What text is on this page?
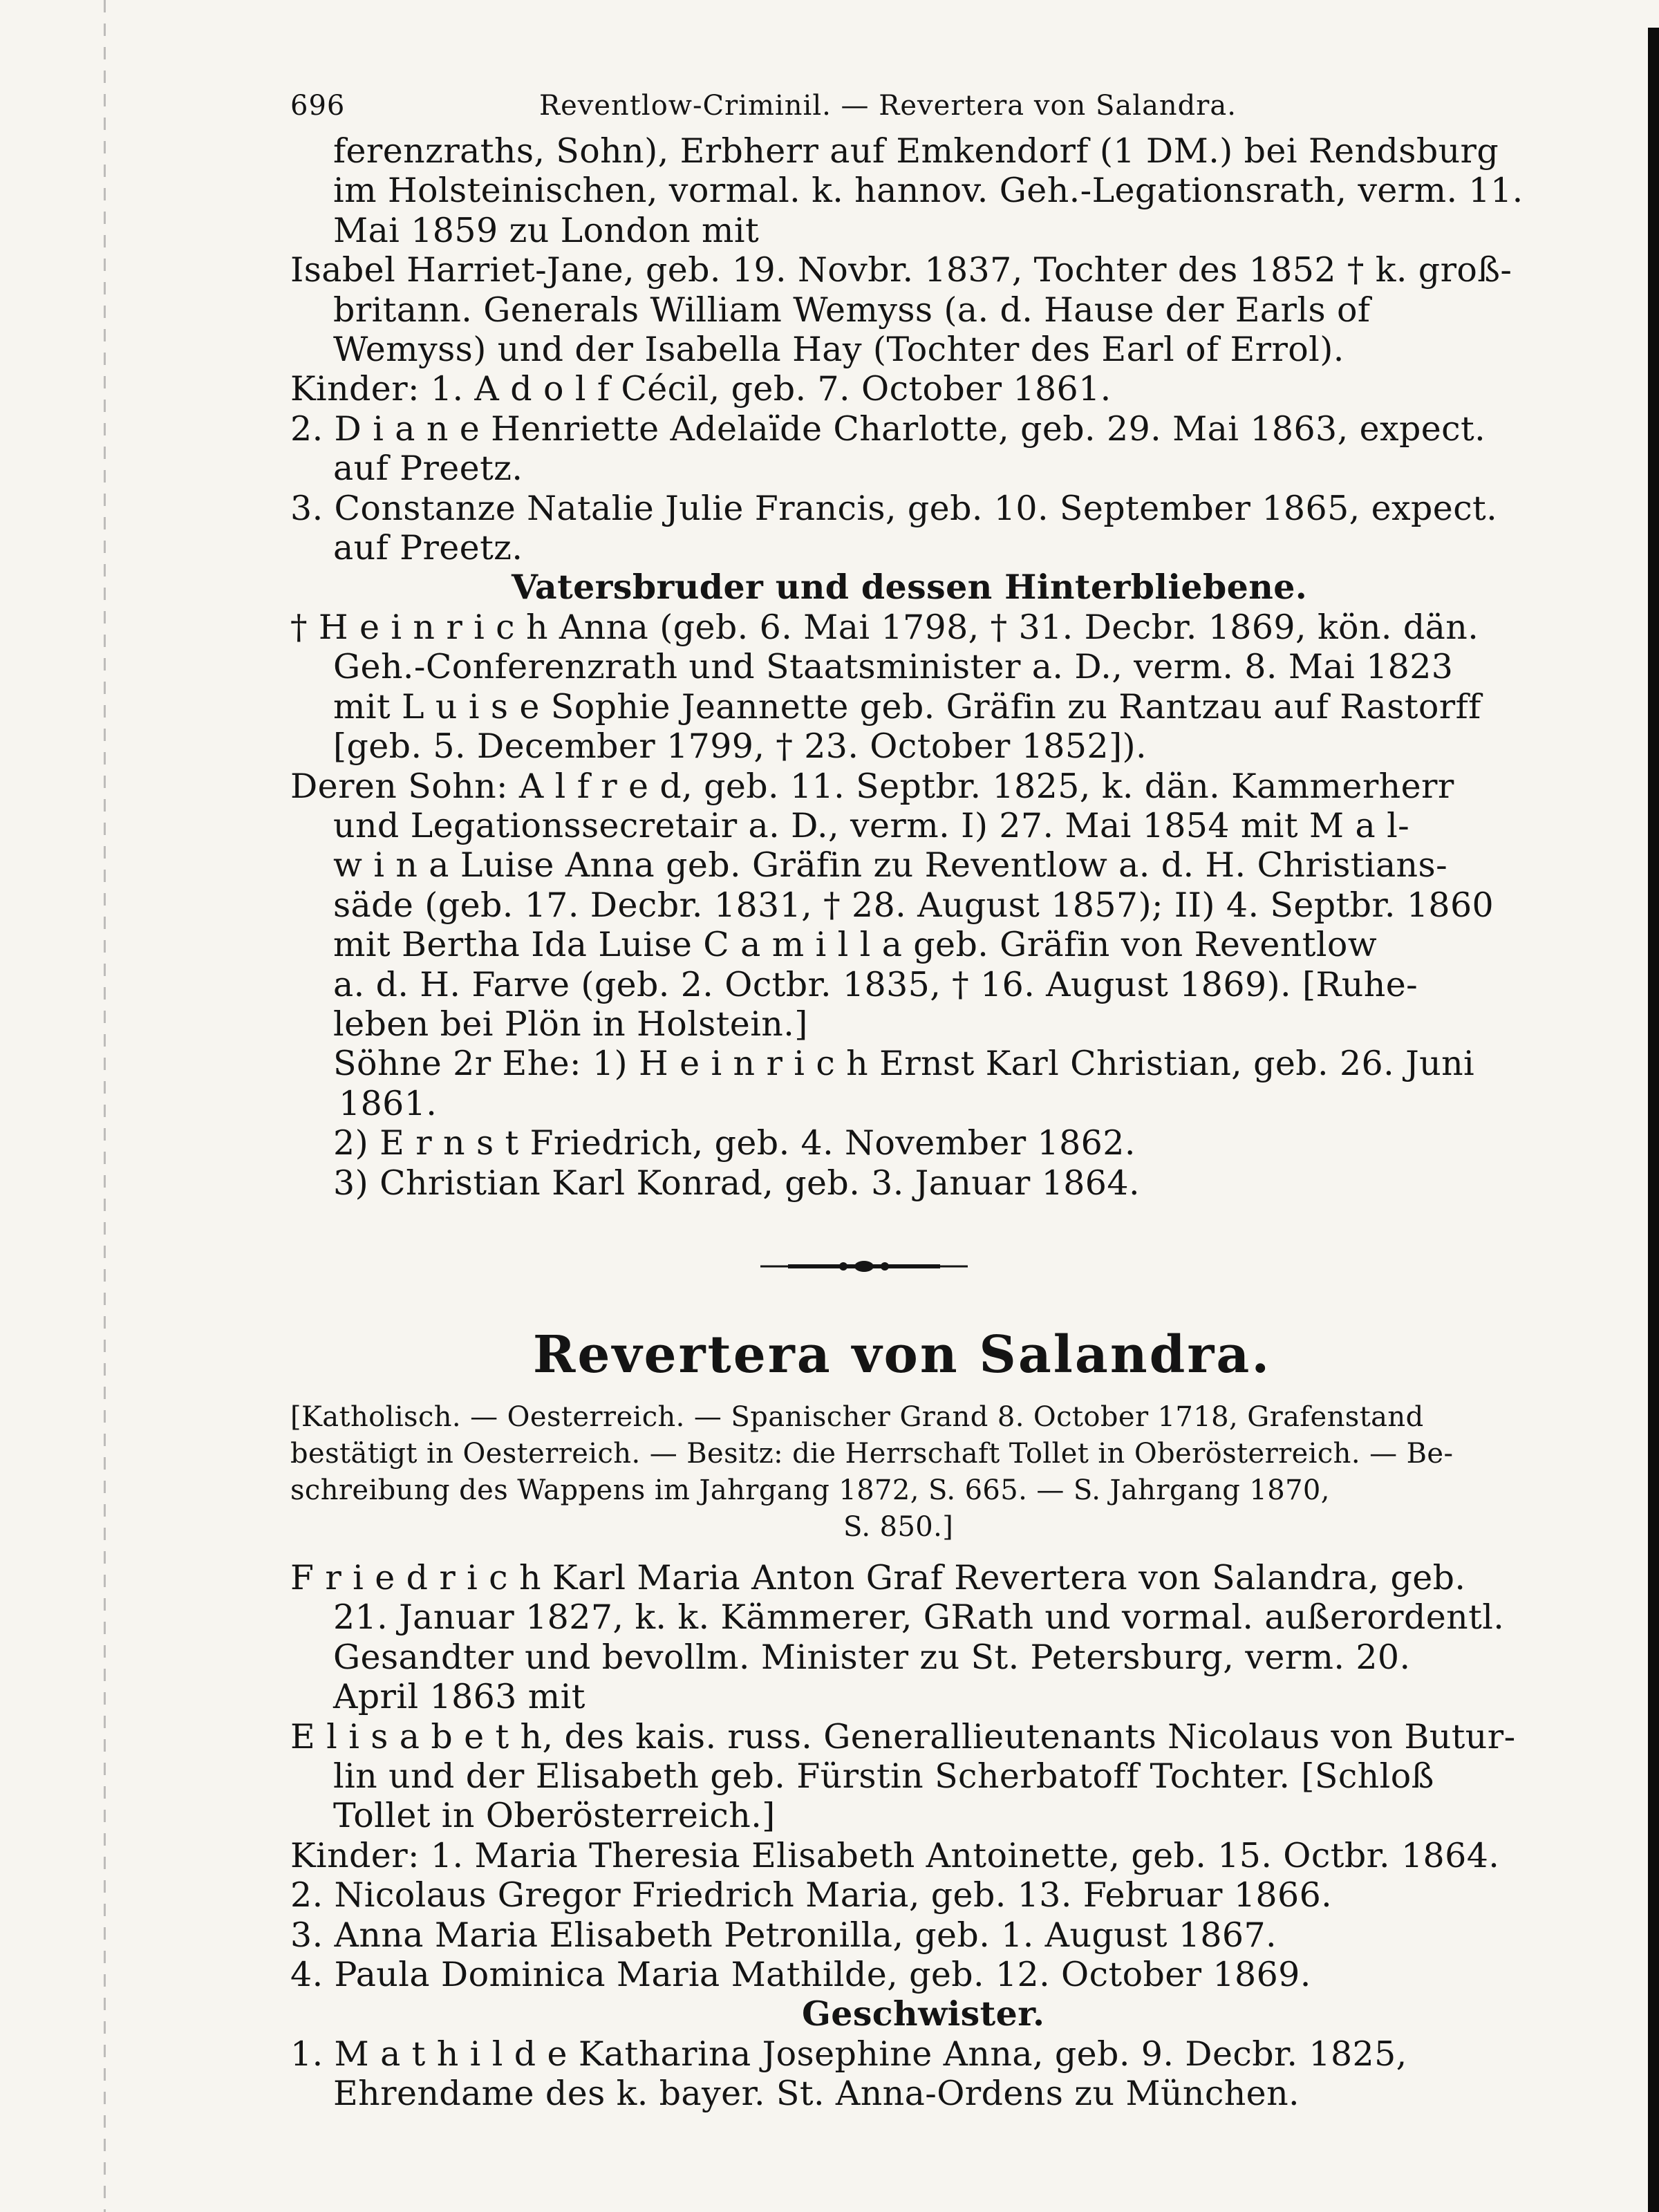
696	Reventlow-Criminil. — Revertera von Salandra.

ferenzraths, Sohn), Erbherr auf Emkendorf (1 DM.) bei Rendsburg

im Holsteinischen, vormal. k. hannov. Geh.-Legationsrath, verm. 11.

Mai 1859 zu London mit

Isabel Harriet-Jane, geb. 19. Novbr. 1837, Tochter des 1852 † k. groß-

britann. Generals William Wemyss (a. d. Hause der Earls of

Wemyss) und der Isabella Hay (Tochter des Earl of Errol).

Kinder: 1. A d o l f Cécil, geb. 7. October 1861.

2. D i a n e Henriette Adelaïde Charlotte, geb. 29. Mai 1863, expect.

auf Preetz.

3. Constanze Natalie Julie Francis, geb. 10. September 1865, expect.

auf Preetz.

Vatersbruder und dessen Hinterbliebene.

† H e i n r i c h Anna (geb. 6. Mai 1798, † 31. Decbr. 1869, kön. dän.

Geh.-Conferenzrath und Staatsminister a. D., verm. 8. Mai 1823

mit L u i s e Sophie Jeannette geb. Gräfin zu Rantzau auf Rastorff

[geb. 5. December 1799, † 23. October 1852]).

Deren Sohn: A l f r e d, geb. 11. Septbr. 1825, k. dän. Kammerherr

und Legationssecretair a. D., verm. I) 27. Mai 1854 mit M a l-

w i n a Luise Anna geb. Gräfin zu Reventlow a. d. H. Christians-

säde (geb. 17. Decbr. 1831, † 28. August 1857); II) 4. Septbr. 1860

mit Bertha Ida Luise C a m i l l a geb. Gräfin von Reventlow

a. d. H. Farve (geb. 2. Octbr. 1835, † 16. August 1869). [Ruhe-

leben bei Plön in Holstein.]

Söhne 2r Ehe: 1) H e i n r i c h Ernst Karl Christian, geb. 26. Juni

1861.

2) E r n s t Friedrich, geb. 4. November 1862.

3) Christian Karl Konrad, geb. 3. Januar 1864.

Revertera von Salandra.

[Katholisch. — Oesterreich. — Spanischer Grand 8. October 1718, Grafenstand

bestätigt in Oesterreich. — Besitz: die Herrschaft Tollet in Oberösterreich. — Be-

schreibung des Wappens im Jahrgang 1872, S. 665. — S. Jahrgang 1870,

S. 850.]

F r i e d r i c h Karl Maria Anton Graf Revertera von Salandra, geb.

21. Januar 1827, k. k. Kämmerer, GRath und vormal. außerordentl.

Gesandter und bevollm. Minister zu St. Petersburg, verm. 20.

April 1863 mit

E l i s a b e t h, des kais. russ. Generallieutenants Nicolaus von Butur-

lin und der Elisabeth geb. Fürstin Scherbatoff Tochter. [Schloß

Tollet in Oberösterreich.]

Kinder: 1. Maria Theresia Elisabeth Antoinette, geb. 15. Octbr. 1864.

2. Nicolaus Gregor Friedrich Maria, geb. 13. Februar 1866.

3. Anna Maria Elisabeth Petronilla, geb. 1. August 1867.

4. Paula Dominica Maria Mathilde, geb. 12. October 1869.

Geschwister.

1. M a t h i l d e Katharina Josephine Anna, geb. 9. Decbr. 1825,

Ehrendame des k. bayer. St. Anna-Ordens zu München.
